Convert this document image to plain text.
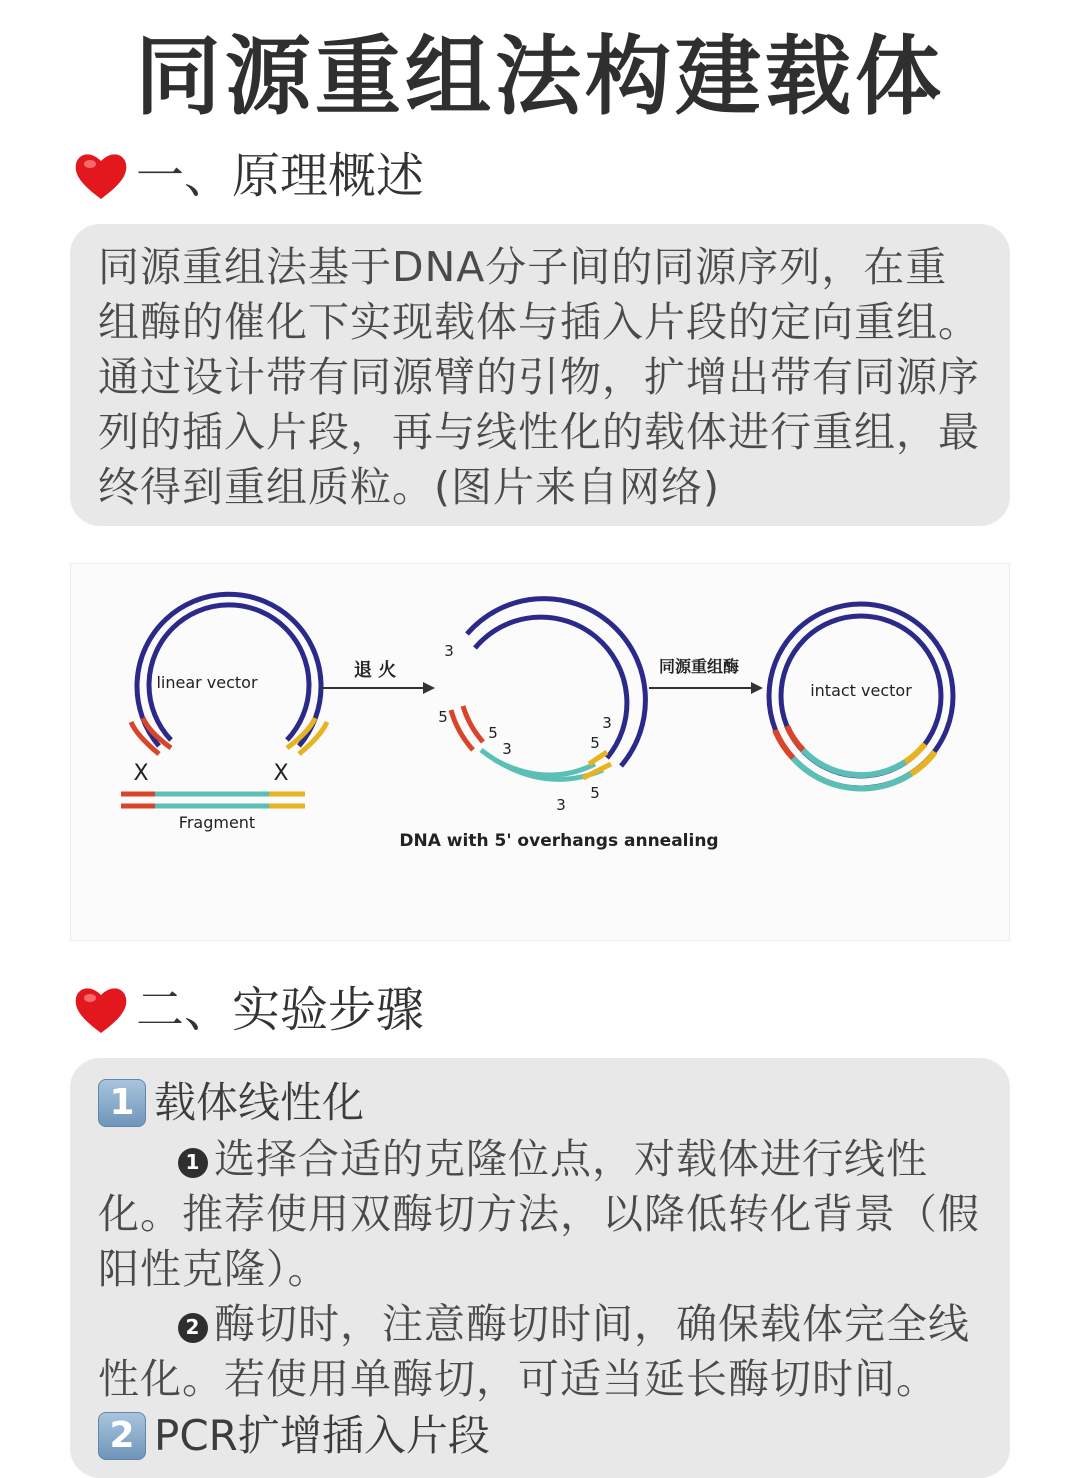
同源重组法构建载体
一、原理概述

同源重组法基于DNA分子间的同源序列，在重组酶的催化下实现载体与插入片段的定向重组。通过设计带有同源臂的引物，扩增出带有同源序列的插入片段，再与线性化的载体进行重组，最终得到重组质粒。(图片来自网络)

linear vector
X	X
Fragment
退 火
3
5
5
3
3
5
3
5
DNA with 5' overhangs annealing
同源重组酶
intact vector
二、实验步骤
1 载体线性化

1 选择合适的克隆位点，对载体进行线性化。推荐使用双酶切方法，以降低转化背景（假阳性克隆）。

2 酶切时，注意酶切时间，确保载体完全线性化。若使用单酶切，可适当延长酶切时间。

2 PCR扩增插入片段
